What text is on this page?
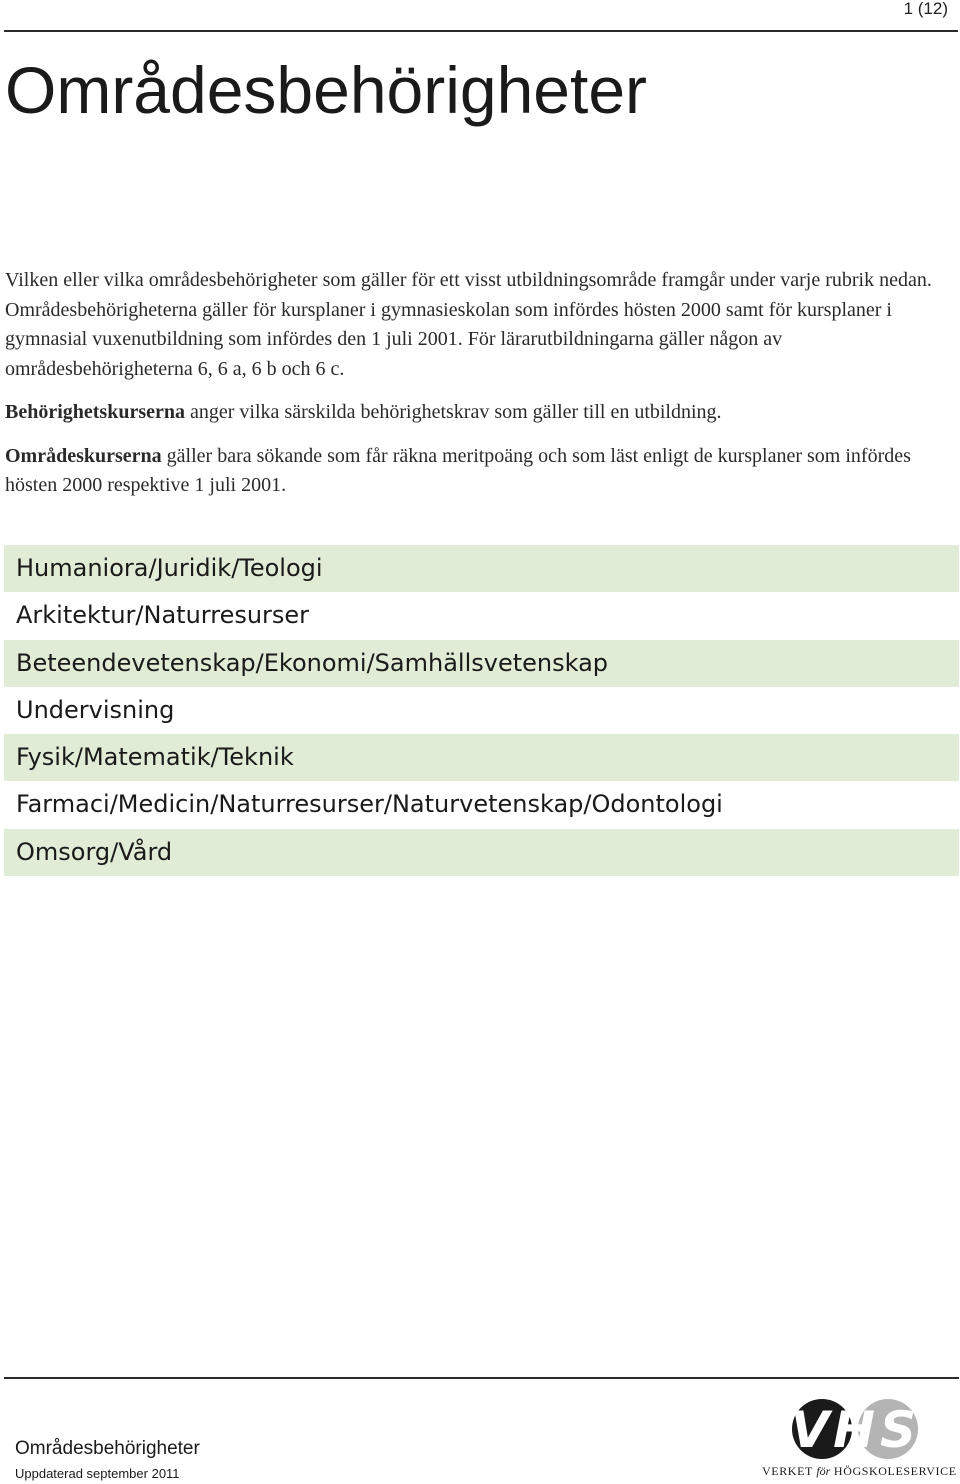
1 (12)
Områdesbehörigheter

Vilken eller vilka områdesbehörigheter som gäller för ett visst utbildningsområde framgår under varje rubrik nedan. Områdesbehörigheterna gäller för kursplaner i gymnasieskolan som infördes hösten 2000 samt för kursplaner i gymnasial vuxenutbildning som infördes den 1 juli 2001. För lärarutbildningarna gäller någon av områdesbehörigheterna 6, 6 a, 6 b och 6 c.

Behörighetskurserna anger vilka särskilda behörighetskrav som gäller till en utbildning.

Områdeskurserna gäller bara sökande som får räkna meritpoäng och som läst enligt de kursplaner som infördes hösten 2000 respektive 1 juli 2001.

Humaniora/Juridik/Teologi
Arkitektur/Naturresurser
Beteendevetenskap/Ekonomi/Samhällsvetenskap
Undervisning
Fysik/Matematik/Teknik
Farmaci/Medicin/Naturresurser/Naturvetenskap/Odontologi
Omsorg/Vård
Områdesbehörigheter
Uppdaterad september 2011
V H S
VERKET för HÖGSKOLESERVICE
